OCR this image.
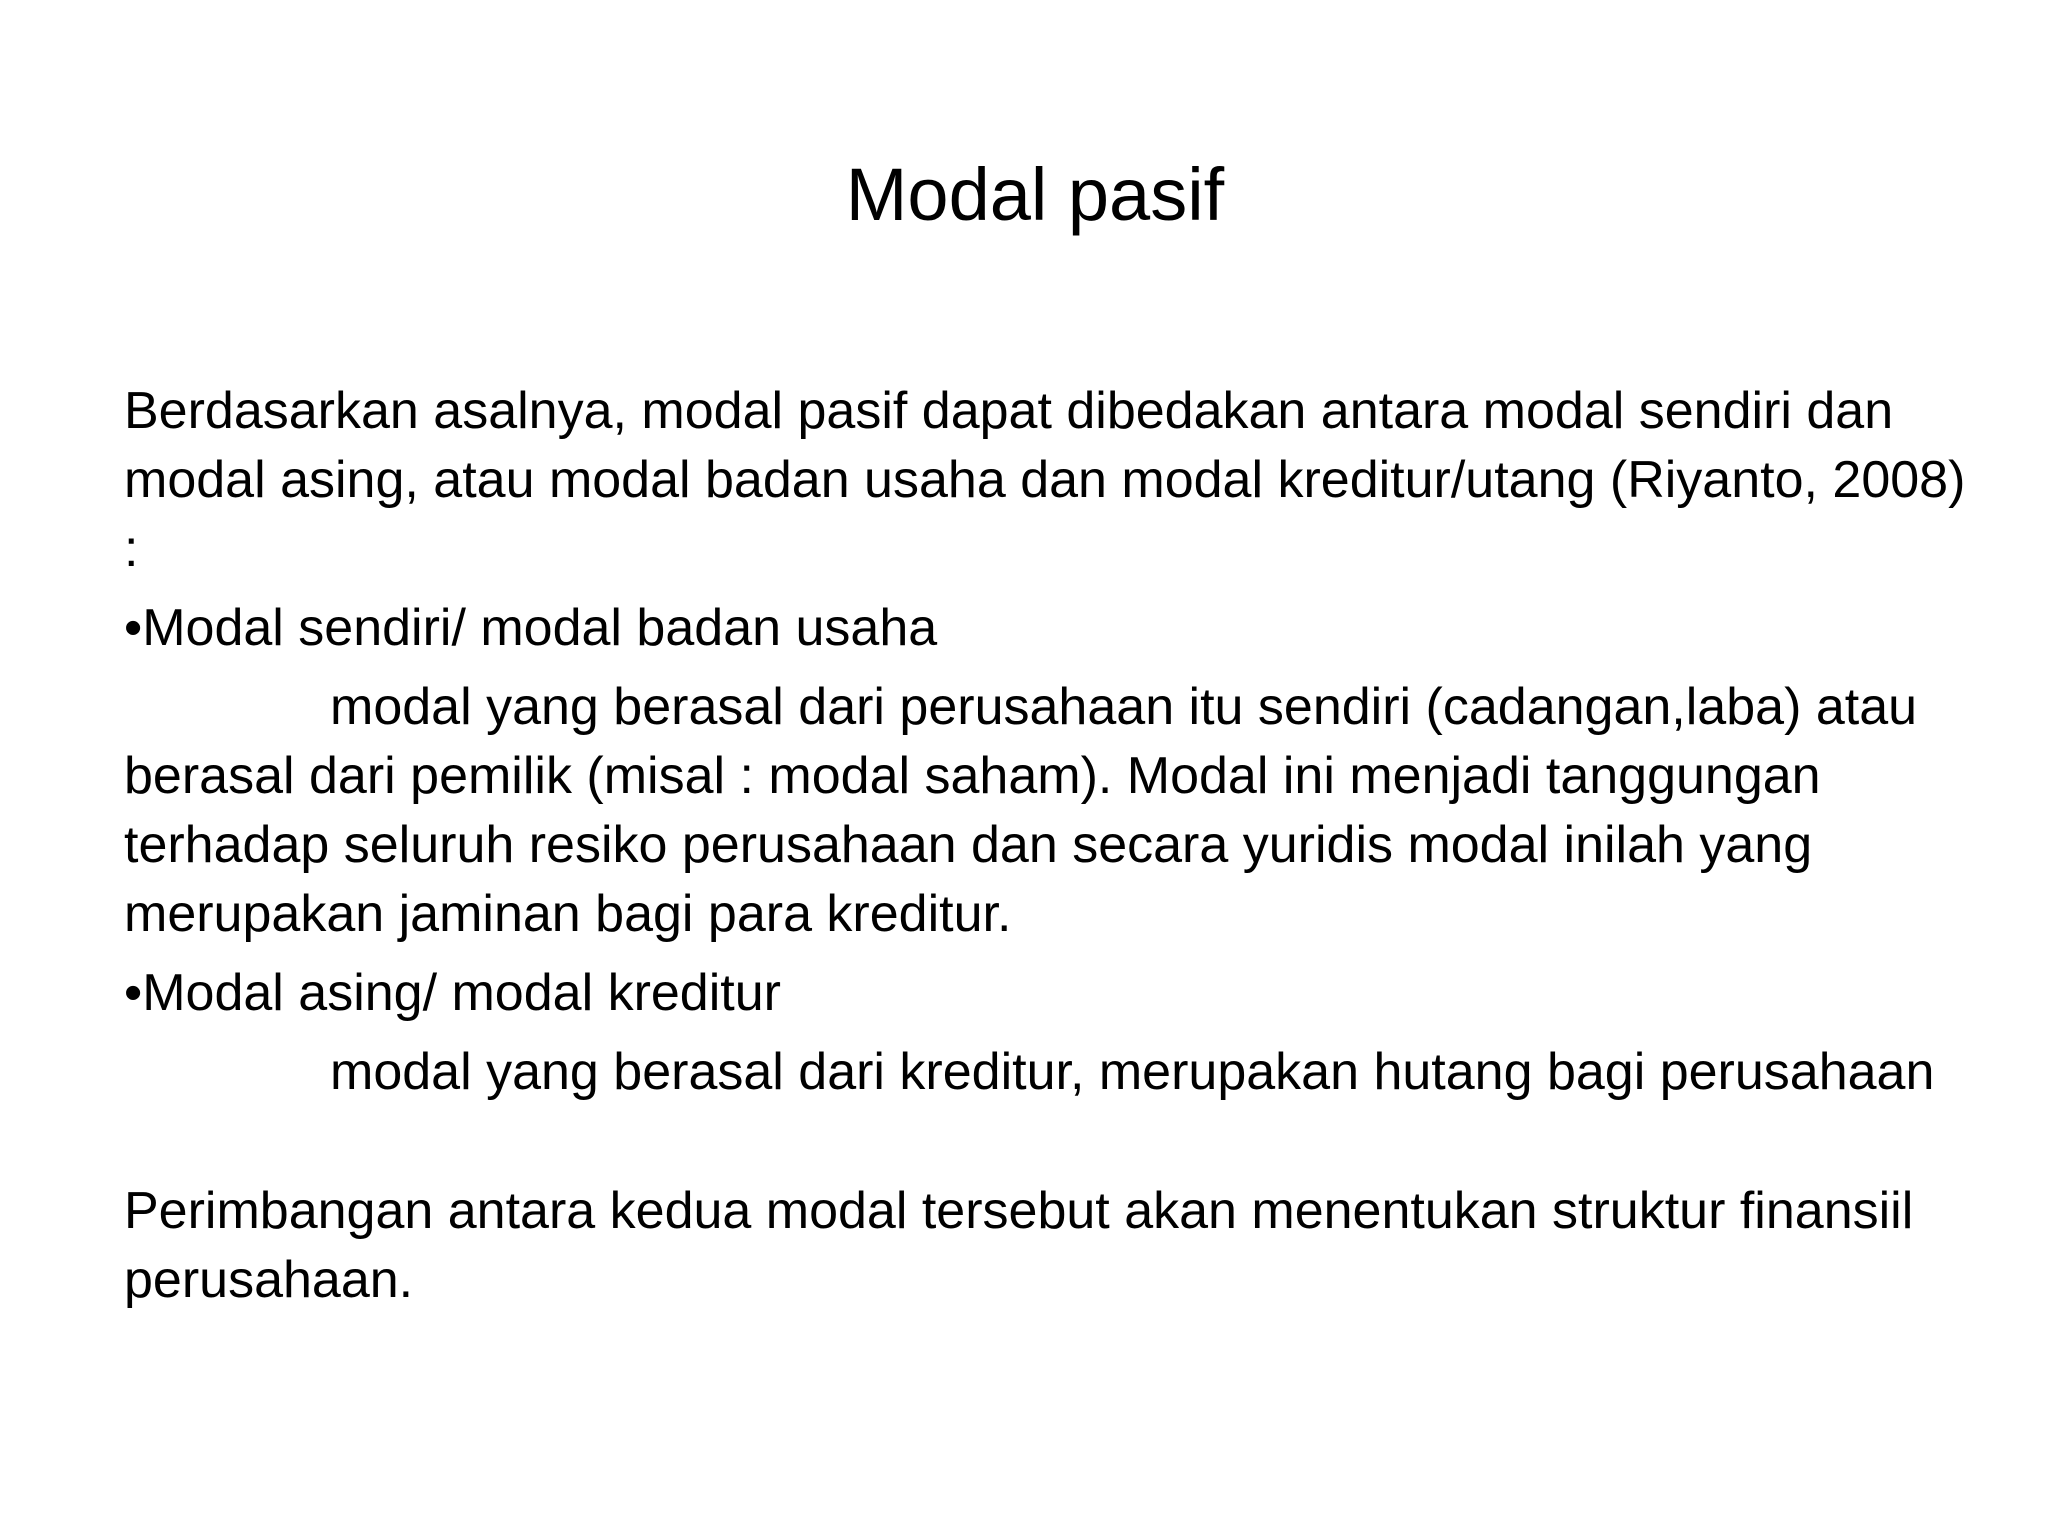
Modal pasif

Berdasarkan asalnya, modal pasif dapat dibedakan antara modal sendiri dan modal asing, atau modal badan usaha dan modal kreditur/utang (Riyanto, 2008) :

•Modal sendiri/ modal badan usaha

modal yang berasal dari perusahaan itu sendiri (cadangan,laba) atau berasal dari pemilik (misal : modal saham). Modal ini menjadi tanggungan terhadap seluruh resiko perusahaan dan secara yuridis modal inilah yang merupakan jaminan bagi para kreditur.

•Modal asing/ modal kreditur

modal yang berasal dari kreditur, merupakan hutang bagi perusahaan

Perimbangan antara kedua modal tersebut akan menentukan struktur finansiil perusahaan.
